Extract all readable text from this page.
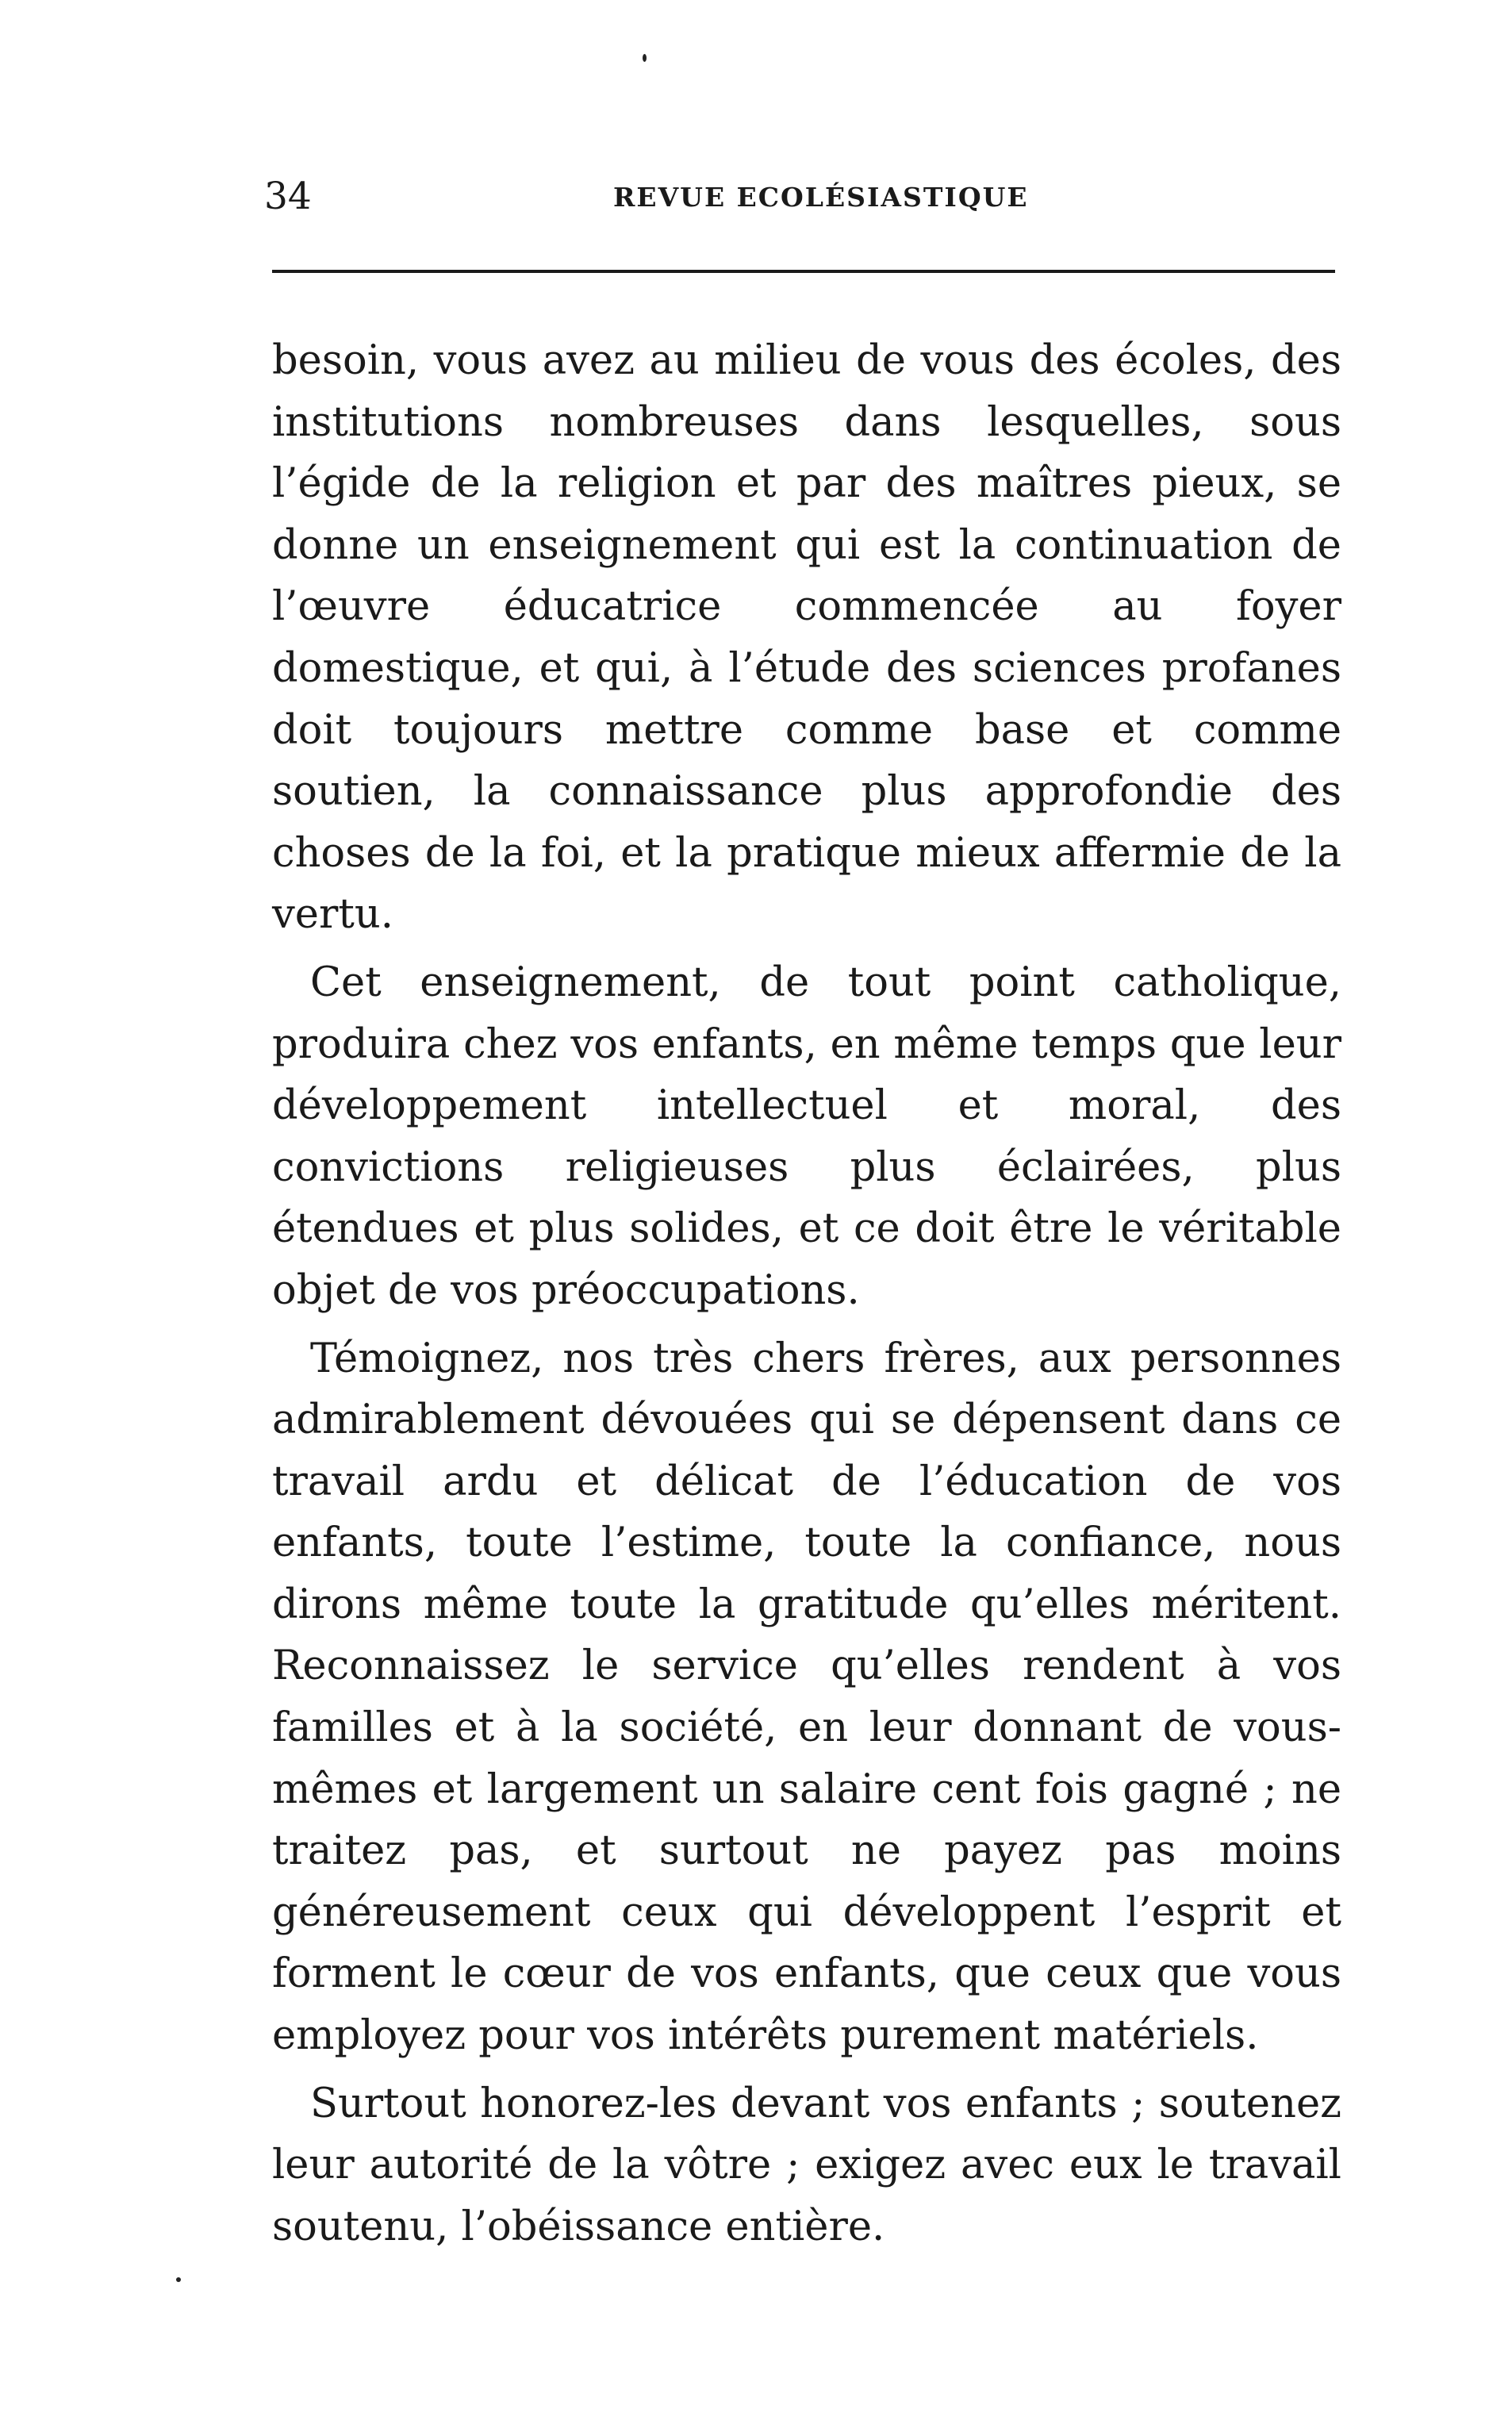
34	REVUE ECOLÉSIASTIQUE

besoin, vous avez au milieu de vous des écoles, des institutions nombreuses dans lesquelles, sous l’égide de la religion et par des maîtres pieux, se donne un enseignement qui est la continuation de l’œuvre éducatrice commencée au foyer domestique, et qui, à l’étude des sciences profanes doit toujours mettre comme base et comme soutien, la connaissance plus approfondie des choses de la foi, et la pratique mieux affermie de la vertu.

Cet enseignement, de tout point catholique, produira chez vos enfants, en même temps que leur développement intellectuel et moral, des convictions religieuses plus éclairées, plus étendues et plus solides, et ce doit être le véritable objet de vos préoccupations.

Témoignez, nos très chers frères, aux personnes admirablement dévouées qui se dépensent dans ce travail ardu et délicat de l’éducation de vos enfants, toute l’estime, toute la confiance, nous dirons même toute la gratitude qu’elles méritent. Reconnaissez le service qu’elles rendent à vos familles et à la société, en leur donnant de vous-mêmes et largement un salaire cent fois gagné ; ne traitez pas, et surtout ne payez pas moins généreusement ceux qui développent l’esprit et forment le cœur de vos enfants, que ceux que vous employez pour vos intérêts purement matériels.

Surtout honorez-les devant vos enfants ; soutenez leur autorité de la vôtre ; exigez avec eux le travail soutenu, l’obéissance entière.
